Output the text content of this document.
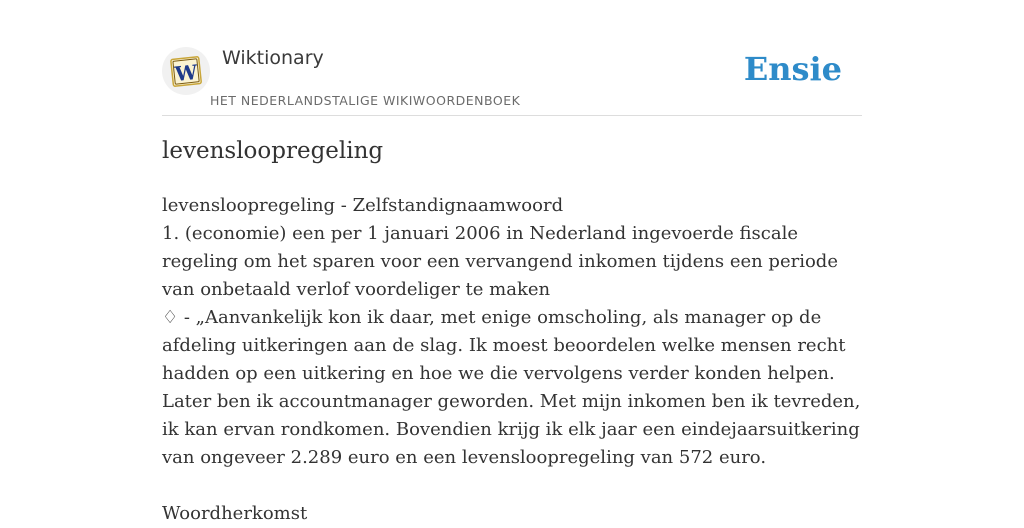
W
Wiktionary
HET NEDERLANDSTALIGE WIKIWOORDENBOEK
Ensie
levensloopregeling

levensloopregeling - Zelfstandignaamwoord

1. (economie) een per 1 januari 2006 in Nederland ingevoerde fiscale regeling om het sparen voor een vervangend inkomen tijdens een periode van onbetaald verlof voordeliger te maken

♢ - „Aanvankelijk kon ik daar, met enige omscholing, als manager op de afdeling uitkeringen aan de slag. Ik moest beoordelen welke mensen recht hadden op een uitkering en hoe we die vervolgens verder konden helpen. Later ben ik accountmanager geworden. Met mijn inkomen ben ik tevreden, ik kan ervan rondkomen. Bovendien krijg ik elk jaar een eindejaarsuitkering van ongeveer 2.289 euro en een levensloopregeling van 572 euro.

Woordherkomst
